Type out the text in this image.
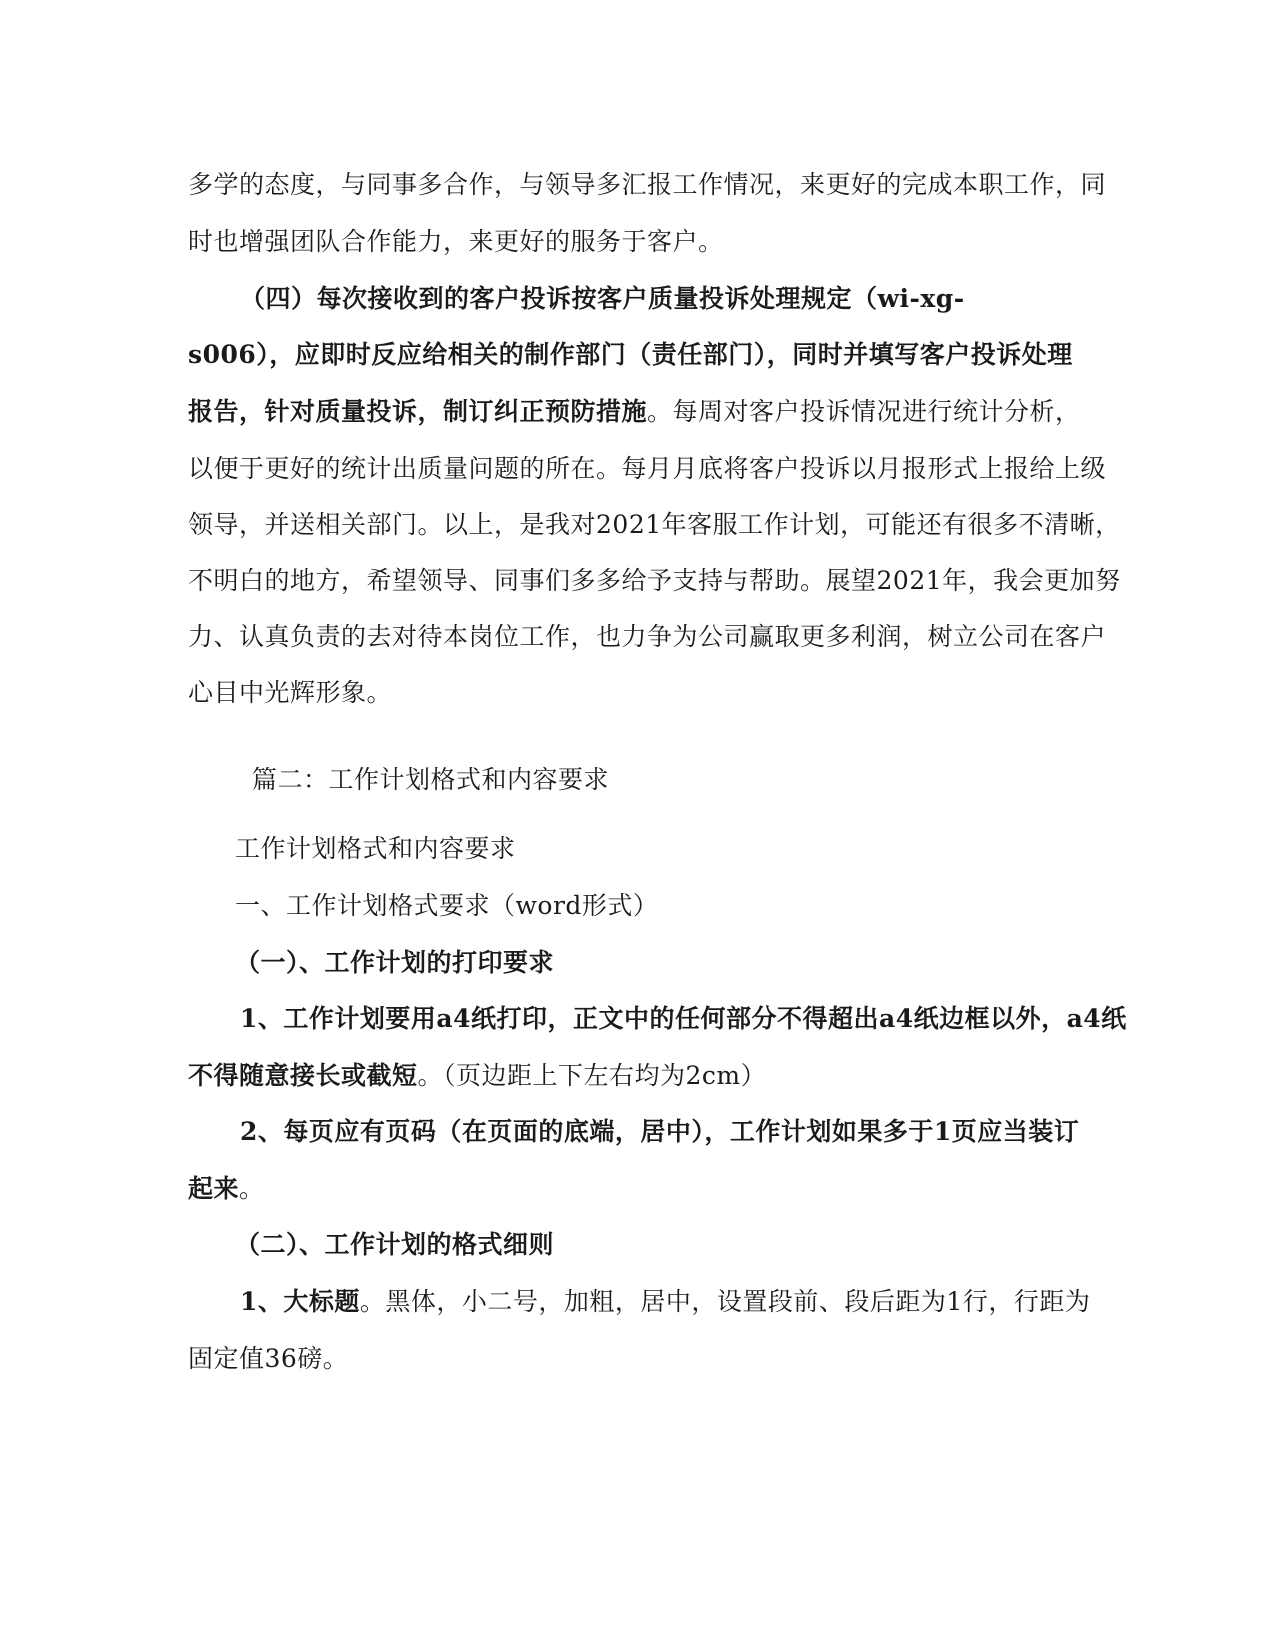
多学的态度，与同事多合作，与领导多汇报工作情况，来更好的完成本职工作，同
时也增强团队合作能力，来更好的服务于客户。
（四）每次接收到的客户投诉按客户质量投诉处理规定（wi-xg-
s006），应即时反应给相关的制作部门（责任部门），同时并填写客户投诉处理
报告，针对质量投诉，制订纠正预防措施。每周对客户投诉情况进行统计分析，
以便于更好的统计出质量问题的所在。每月月底将客户投诉以月报形式上报给上级
领导，并送相关部门。以上，是我对2021年客服工作计划，可能还有很多不清晰，
不明白的地方，希望领导、同事们多多给予支持与帮助。展望2021年，我会更加努
力、认真负责的去对待本岗位工作，也力争为公司赢取更多利润，树立公司在客户
心目中光辉形象。
篇二：工作计划格式和内容要求
工作计划格式和内容要求
一、工作计划格式要求（word形式）
（一）、工作计划的打印要求
1、工作计划要用a4纸打印，正文中的任何部分不得超出a4纸边框以外，a4纸
不得随意接长或截短。（页边距上下左右均为2cm）
2、每页应有页码（在页面的底端，居中），工作计划如果多于1页应当装订
起来。
（二）、工作计划的格式细则
1、大标题。黑体，小二号，加粗，居中，设置段前、段后距为1行，行距为
固定值36磅。
